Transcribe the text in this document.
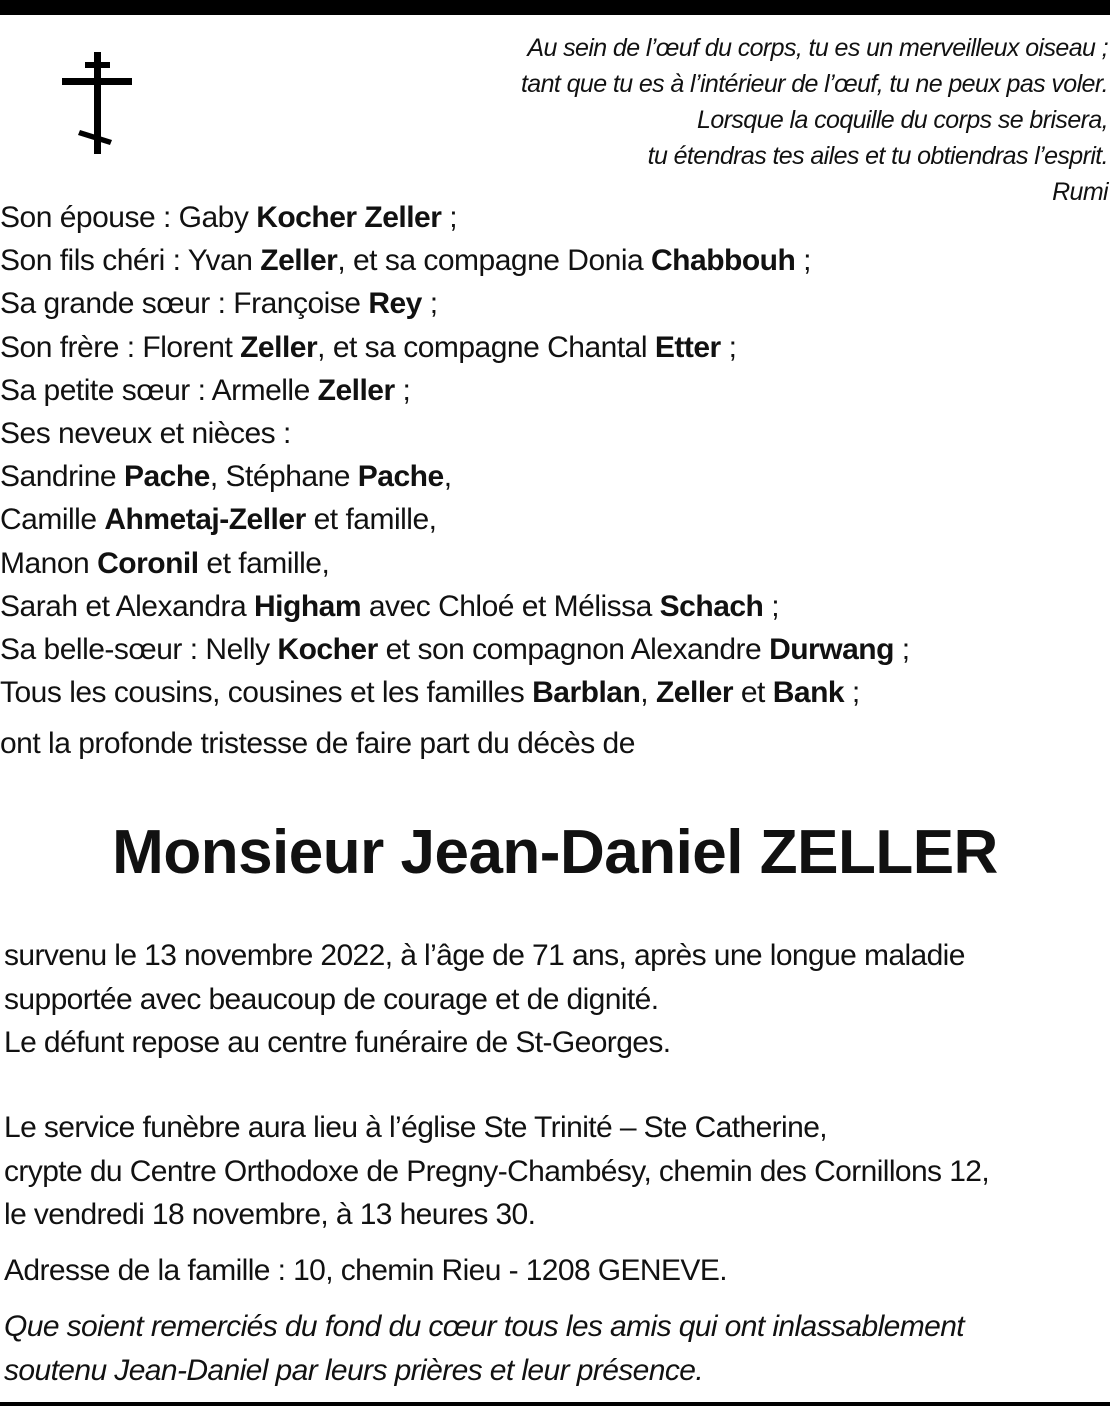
Au sein de l’œuf du corps, tu es un merveilleux oiseau ;
tant que tu es à l’intérieur de l’œuf, tu ne peux pas voler.
Lorsque la coquille du corps se brisera,
tu étendras tes ailes et tu obtiendras l’esprit.
Rumi
Son épouse : Gaby Kocher Zeller ;
Son fils chéri : Yvan Zeller, et sa compagne Donia Chabbouh ;
Sa grande sœur : Françoise Rey ;
Son frère : Florent Zeller, et sa compagne Chantal Etter ;
Sa petite sœur : Armelle Zeller ;
Ses neveux et nièces :
Sandrine Pache, Stéphane Pache,
Camille Ahmetaj-Zeller et famille,
Manon Coronil et famille,
Sarah et Alexandra Higham avec Chloé et Mélissa Schach ;
Sa belle-sœur : Nelly Kocher et son compagnon Alexandre Durwang ;
Tous les cousins, cousines et les familles Barblan, Zeller et Bank ;
ont la profonde tristesse de faire part du décès de
Monsieur Jean-Daniel ZELLER
survenu le 13 novembre 2022, à l’âge de 71 ans, après une longue maladie
supportée avec beaucoup de courage et de dignité.
Le défunt repose au centre funéraire de St-Georges.
Le service funèbre aura lieu à l’église Ste Trinité – Ste Catherine,
crypte du Centre Orthodoxe de Pregny-Chambésy, chemin des Cornillons 12,
le vendredi 18 novembre, à 13 heures 30.
Adresse de la famille : 10, chemin Rieu - 1208 GENEVE.
Que soient remerciés du fond du cœur tous les amis qui ont inlassablement
soutenu Jean-Daniel par leurs prières et leur présence.
